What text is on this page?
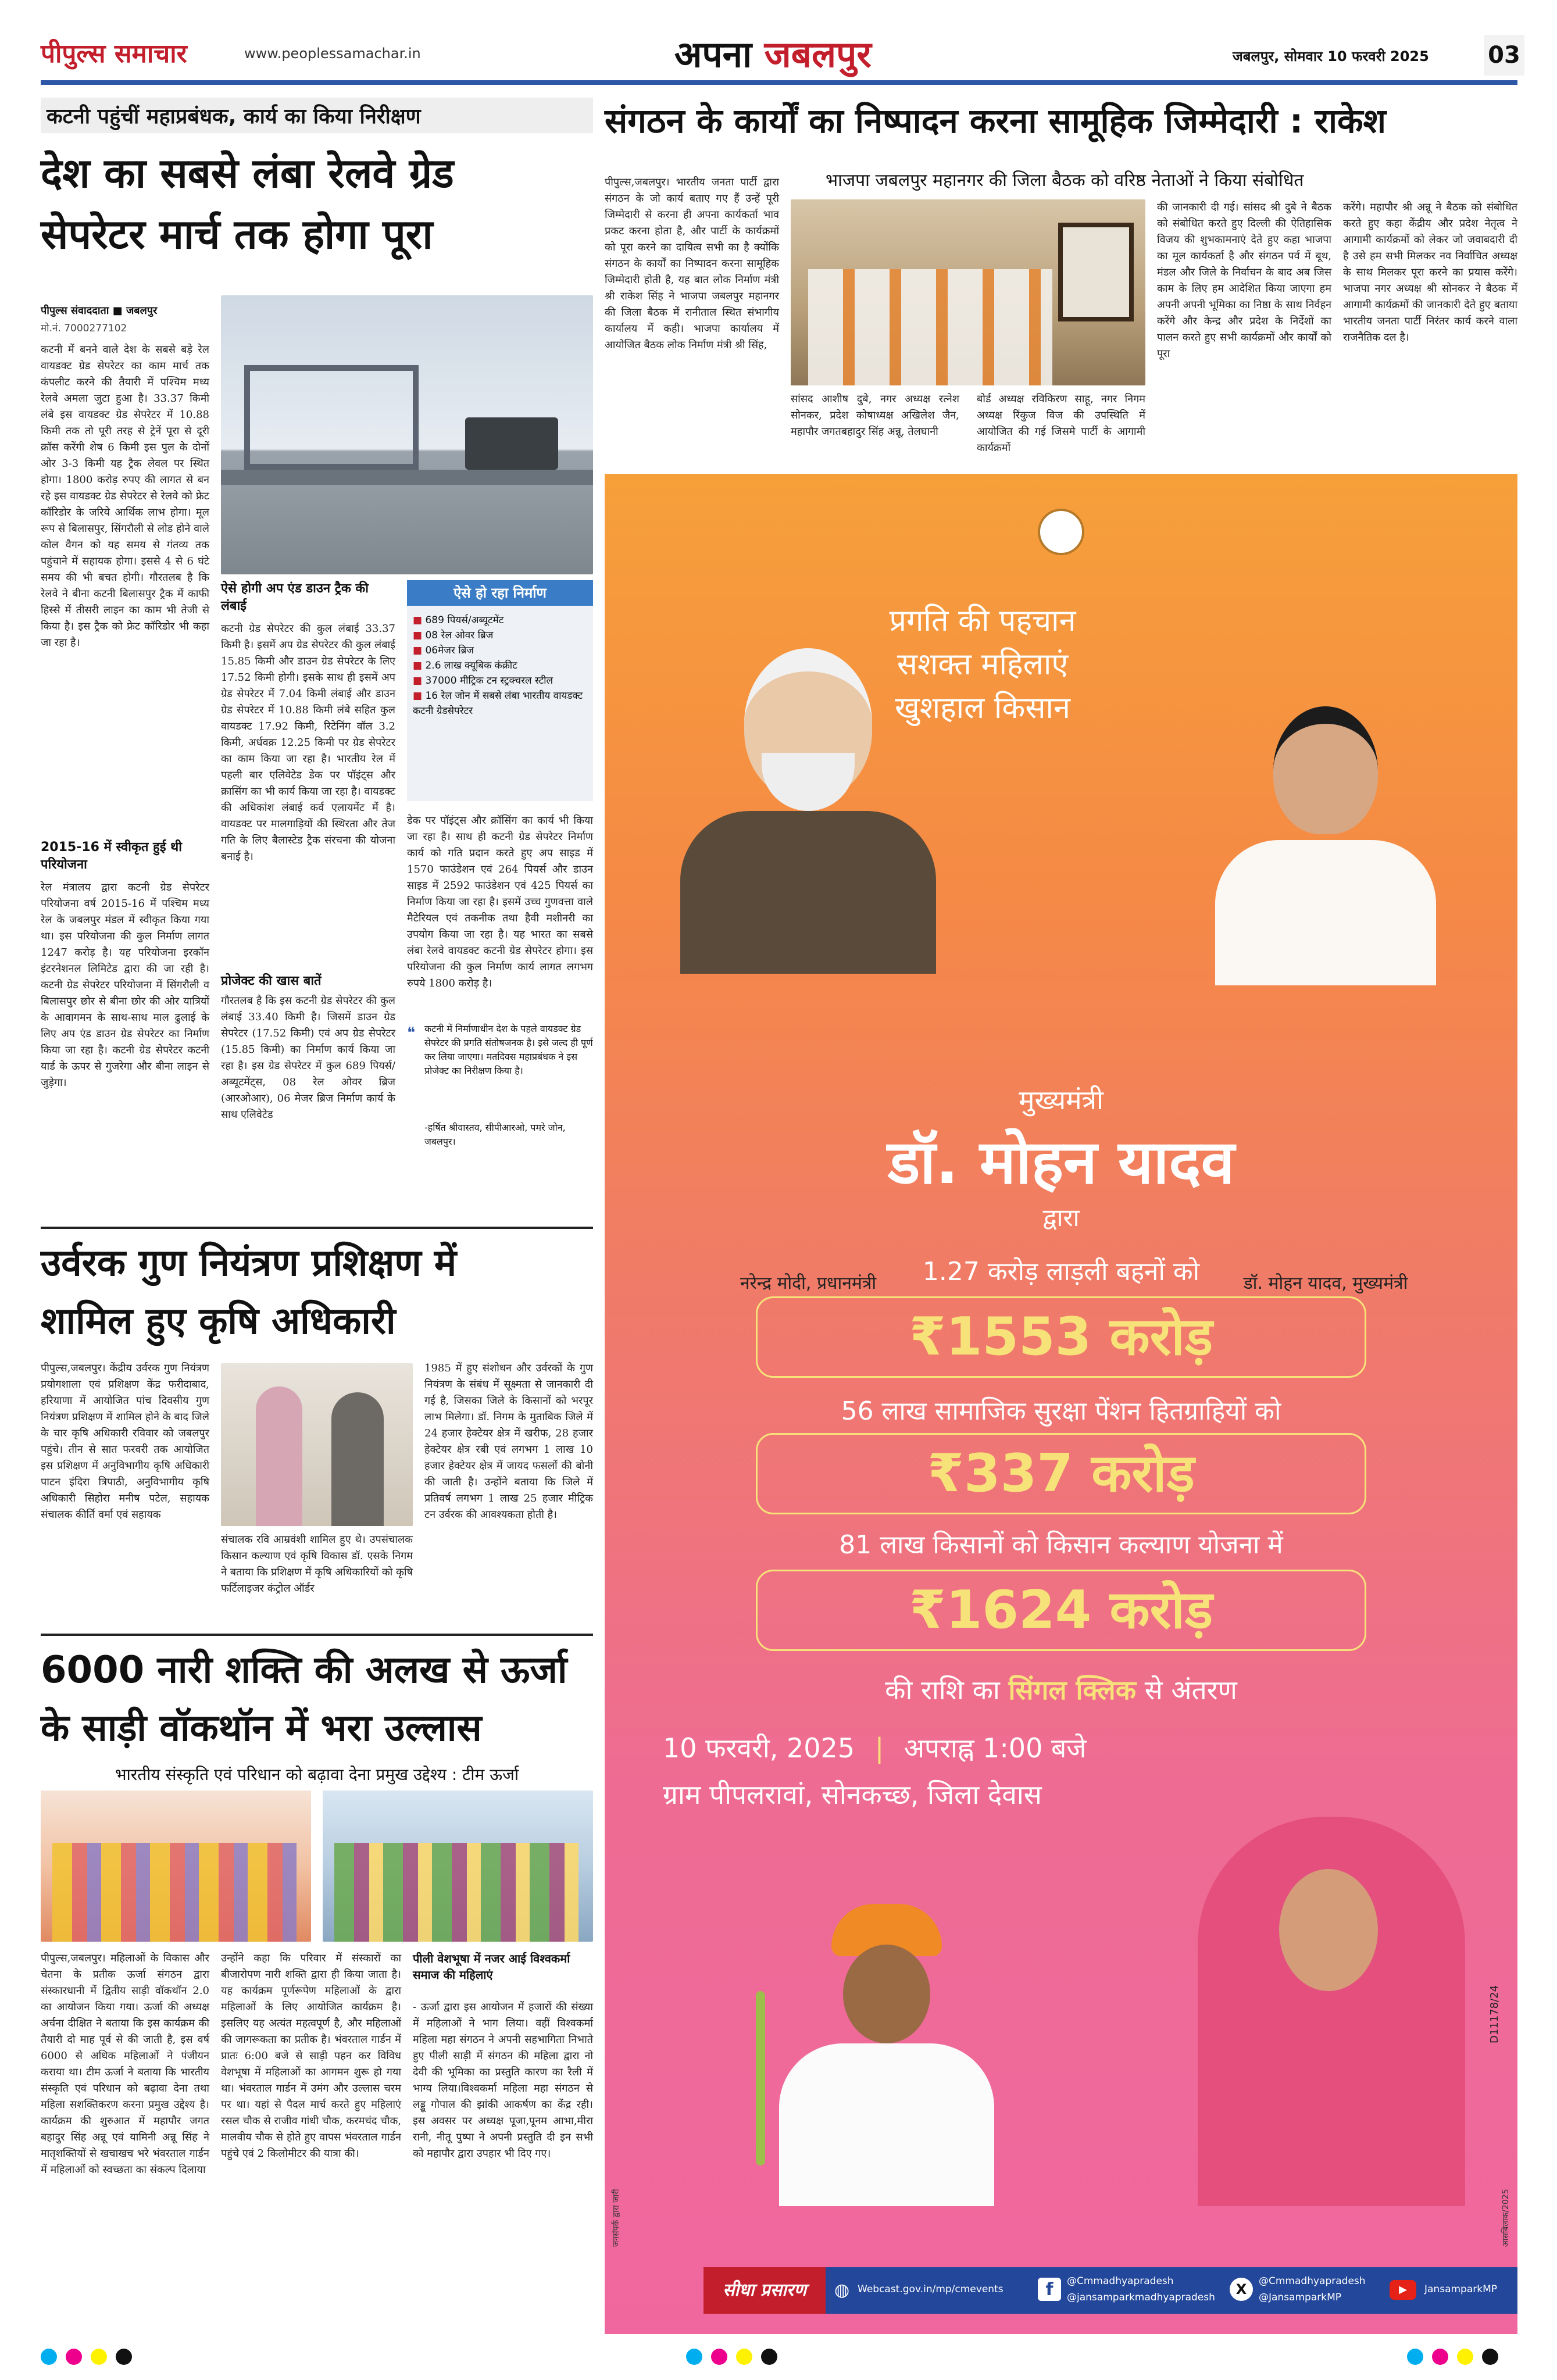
पीपुल्स समाचार	www.peoplessamachar.in	अपना जबलपुर	जबलपुर, सोमवार 10 फरवरी 2025	03
कटनी पहुंचीं महाप्रबंधक, कार्य का किया निरीक्षण
देश का सबसे लंबा रेलवे ग्रेड
सेपरेटर मार्च तक होगा पूरा
पीपुल्स संवाददाता ■ जबलपुर
मो.नं. 7000277102
कटनी में बनने वाले देश के सबसे बड़े रेल वायडक्ट ग्रेड सेपरेटर का काम मार्च तक कंपलीट करने की तैयारी में पश्चिम मध्य रेलवे अमला जुटा हुआ है। 33.37 किमी लंबे इस वायडक्ट ग्रेड सेपरेटर में 10.88 किमी तक तो पूरी तरह से ट्रेनें पूरा से दूरी क्रॉस करेंगी शेष 6 किमी इस पुल के दोनों ओर 3-3 किमी यह ट्रैक लेवल पर स्थित होगा। 1800 करोड़ रुपए की लागत से बन रहे इस वायडक्ट ग्रेड सेपरेटर से रेलवे को फ्रेट कॉरिडोर के जरिये आर्थिक लाभ होगा। मूल रूप से बिलासपुर, सिंगरौली से लोड होने वाले कोल वैगन को यह समय से गंतव्य तक पहुंचाने में सहायक होगा। इससे 4 से 6 घंटे समय की भी बचत होगी। गौरतलब है कि रेलवे ने बीना कटनी बिलासपुर ट्रैक में काफी हिस्से में तीसरी लाइन का काम भी तेजी से किया है। इस ट्रैक को फ्रेट कॉरिडोर भी कहा जा रहा है।
2015-16 में स्वीकृत हुई थी परियोजना
रेल मंत्रालय द्वारा कटनी ग्रेड सेपरेटर परियोजना वर्ष 2015-16 में पश्चिम मध्य रेल के जबलपुर मंडल में स्वीकृत किया गया था। इस परियोजना की कुल निर्माण लागत 1247 करोड़ है। यह परियोजना इरकॉन इंटरनेशनल लिमिटेड द्वारा की जा रही है। कटनी ग्रेड सेपरेटर परियोजना में सिंगरौली व बिलासपुर छोर से बीना छोर की ओर यात्रियों के आवागमन के साथ-साथ माल ढुलाई के लिए अप एंड डाउन ग्रेड सेपरेटर का निर्माण किया जा रहा है। कटनी ग्रेड सेपरेटर कटनी यार्ड के ऊपर से गुजरेगा और बीना लाइन से जुड़ेगा।
ऐसे होगी अप एंड डाउन ट्रैक की लंबाई
कटनी ग्रेड सेपरेटर की कुल लंबाई 33.37 किमी है। इसमें अप ग्रेड सेपरेटर की कुल लंबाई 15.85 किमी और डाउन ग्रेड सेपरेटर के लिए 17.52 किमी होगी। इसके साथ ही इसमें अप ग्रेड सेपरेटर में 7.04 किमी लंबाई और डाउन ग्रेड सेपरेटर में 10.88 किमी लंबे सहित कुल वायडक्ट 17.92 किमी, रिटेनिंग वॉल 3.2 किमी, अर्धवक्र 12.25 किमी पर ग्रेड सेपरेटर का काम किया जा रहा है। भारतीय रेल में पहली बार एलिवेटेड डेक पर पॉइंट्स और क्रासिंग का भी कार्य किया जा रहा है। वायडक्ट की अधिकांश लंबाई कर्व एलायमेंट में है। वायडक्ट पर मालगाड़ियों की स्थिरता और तेज गति के लिए बैलास्टेड ट्रैक संरचना की योजना बनाई है।
प्रोजेक्ट की खास बातें
गौरतलब है कि इस कटनी ग्रेड सेपरेटर की कुल लंबाई 33.40 किमी है। जिसमें डाउन ग्रेड सेपरेटर (17.52 किमी) एवं अप ग्रेड सेपरेटर (15.85 किमी) का निर्माण कार्य किया जा रहा है। इस ग्रेड सेपरेटर में कुल 689 पियर्स/अब्यूटमेंट्स, 08 रेल ओवर ब्रिज (आरओआर), 06 मेजर ब्रिज निर्माण कार्य के साथ एलिवेटेड
ऐसे हो रहा निर्माण
■ 689 पियर्स/अब्यूटमेंट
■ 08 रेल ओवर ब्रिज
■ 06मेजर ब्रिज
■ 2.6 लाख क्यूबिक कंक्रीट
■ 37000 मीट्रिक टन स्ट्रक्चरल स्टील
■ 16 रेल जोन में सबसे लंबा भारतीय वायडक्ट कटनी ग्रेडसेपरेटर
डेक पर पॉइंट्स और क्रॉसिंग का कार्य भी किया जा रहा है। साथ ही कटनी ग्रेड सेपरेटर निर्माण कार्य को गति प्रदान करते हुए अप साइड में 1570 फाउंडेशन एवं 264 पियर्स और डाउन साइड में 2592 फाउंडेशन एवं 425 पियर्स का निर्माण किया जा रहा है। इसमें उच्च गुणवत्ता वाले मैटेरियल एवं तकनीक तथा हैवी मशीनरी का उपयोग किया जा रहा है। यह भारत का सबसे लंबा रेलवे वायडक्ट कटनी ग्रेड सेपरेटर होगा। इस परियोजना की कुल निर्माण कार्य लागत लगभग रुपये 1800 करोड़ है।
❝ कटनी में निर्माणाधीन देश के पहले वायडक्ट ग्रेड सेपरेटर की प्रगति संतोषजनक है। इसे जल्द ही पूर्ण कर लिया जाएगा। मतदिवस महाप्रबंधक ने इस प्रोजेक्ट का निरीक्षण किया है।
-हर्षित श्रीवास्तव, सीपीआरओ, पमरे जोन, जबलपुर।
उर्वरक गुण नियंत्रण प्रशिक्षण में
शामिल हुए कृषि अधिकारी
पीपुल्स,जबलपुर। केंद्रीय उर्वरक गुण नियंत्रण प्रयोगशाला एवं प्रशिक्षण केंद्र फरीदाबाद, हरियाणा में आयोजित पांच दिवसीय गुण नियंत्रण प्रशिक्षण में शामिल होने के बाद जिले के चार कृषि अधिकारी रविवार को जबलपुर पहुंचे। तीन से सात फरवरी तक आयोजित इस प्रशिक्षण में अनुविभागीय कृषि अधिकारी पाटन इंदिरा त्रिपाठी, अनुविभागीय कृषि अधिकारी सिहोरा मनीष पटेल, सहायक संचालक कीर्ति वर्मा एवं सहायक
संचालक रवि आम्रवंशी शामिल हुए थे। उपसंचालक किसान कल्याण एवं कृषि विकास डॉ. एसके निगम ने बताया कि प्रशिक्षण में कृषि अधिकारियों को कृषि फर्टिलाइजर कंट्रोल ऑर्डर
1985 में हुए संशोधन और उर्वरकों के गुण नियंत्रण के संबंध में सूक्ष्मता से जानकारी दी गई है, जिसका जिले के किसानों को भरपूर लाभ मिलेगा। डॉ. निगम के मुताबिक जिले में 24 हजार हेक्टेयर क्षेत्र में खरीफ, 28 हजार हेक्टेयर क्षेत्र रबी एवं लगभग 1 लाख 10 हजार हेक्टेयर क्षेत्र में जायद फसलों की बोनी की जाती है। उन्होंने बताया कि जिले में प्रतिवर्ष लगभग 1 लाख 25 हजार मीट्रिक टन उर्वरक की आवश्यकता होती है।
6000 नारी शक्ति की अलख से ऊर्जा
के साड़ी वॉकथॉन में भरा उल्लास
भारतीय संस्कृति एवं परिधान को बढ़ावा देना प्रमुख उद्देश्य : टीम ऊर्जा
पीपुल्स,जबलपुर। महिलाओं के विकास और चेतना के प्रतीक ऊर्जा संगठन द्वारा संस्कारधानी में द्वितीय साड़ी वॉकथॉन 2.0 का आयोजन किया गया। ऊर्जा की अध्यक्ष अर्चना दीक्षित ने बताया कि इस कार्यक्रम की तैयारी दो माह पूर्व से की जाती है, इस वर्ष 6000 से अधिक महिलाओं ने पंजीयन कराया था। टीम ऊर्जा ने बताया कि भारतीय संस्कृति एवं परिधान को बढ़ावा देना तथा महिला सशक्तिकरण करना प्रमुख उद्देश्य है। कार्यक्रम की शुरुआत में महापौर जगत बहादुर सिंह अन्नू एवं यामिनी अन्नू सिंह ने मातृशक्तियों से खचाखच भरे भंवरताल गार्डन में महिलाओं को स्वच्छता का संकल्प दिलाया
उन्होंने कहा कि परिवार में संस्कारों का बीजारोपण नारी शक्ति द्वारा ही किया जाता है। यह कार्यक्रम पूर्णरूपेण महिलाओं के द्वारा महिलाओं के लिए आयोजित कार्यक्रम है। इसलिए यह अत्यंत महत्वपूर्ण है, और महिलाओं की जागरूकता का प्रतीक है। भंवरताल गार्डन में प्रातः 6:00 बजे से साड़ी पहन कर विविध वेशभूषा में महिलाओं का आगमन शुरू हो गया था। भंवरताल गार्डन में उमंग और उल्लास चरम पर था। यहां से पैदल मार्च करते हुए महिलाएं रसल चौक से राजीव गांधी चौक, करमचंद चौक, मालवीय चौक से होते हुए वापस भंवरताल गार्डन पहुंचे एवं 2 किलोमीटर की यात्रा की।
पीली वेशभूषा में नजर आई विश्वकर्मा समाज की महिलाएं
- ऊर्जा द्वारा इस आयोजन में हजारों की संख्या में महिलाओं ने भाग लिया। वहीं विश्वकर्मा महिला महा संगठन ने अपनी सहभागिता निभाते हुए पीली साड़ी में संगठन की महिला द्वारा नो देवी की भूमिका का प्रस्तुति कारण का रैली में भाग्य लिया।विश्वकर्मा महिला महा संगठन से लड्डू गोपाल की झांकी आकर्षण का केंद्र रही। इस अवसर पर अध्यक्ष पूजा,पूनम आभा,मीरा रानी, नीतू पुष्पा ने अपनी प्रस्तुति दी इन सभी को महापौर द्वारा उपहार भी दिए गए।
संगठन के कार्यों का निष्पादन करना सामूहिक जिम्मेदारी : राकेश
भाजपा जबलपुर महानगर की जिला बैठक को वरिष्ठ नेताओं ने किया संबोधित
पीपुल्स,जबलपुर। भारतीय जनता पार्टी द्वारा संगठन के जो कार्य बताए गए हैं उन्हें पूरी जिम्मेदारी से करना ही अपना कार्यकर्ता भाव प्रकट करना होता है, और पार्टी के कार्यक्रमों को पूरा करने का दायित्व सभी का है क्योंकि संगठन के कार्यों का निष्पादन करना सामूहिक जिम्मेदारी होती है, यह बात लोक निर्माण मंत्री श्री राकेश सिंह ने भाजपा जबलपुर महानगर की जिला बैठक में रानीताल स्थित संभागीय कार्यालय में कही। भाजपा कार्यालय में आयोजित बैठक लोक निर्माण मंत्री श्री सिंह,
सांसद आशीष दुबे, नगर अध्यक्ष रत्नेश सोनकर, प्रदेश कोषाध्यक्ष अखिलेश जैन, महापौर जगतबहादुर सिंह अन्नू, तेलघानी
बोर्ड अध्यक्ष रविकिरण साहू, नगर निगम अध्यक्ष रिंकुज विज की उपस्थिति में आयोजित की गई जिसमे पार्टी के आगामी कार्यक्रमों
की जानकारी दी गई। सांसद श्री दुबे ने बैठक को संबोधित करते हुए दिल्ली की ऐतिहासिक विजय की शुभकामनाएं देते हुए कहा भाजपा का मूल कार्यकर्ता है और संगठन पर्व में बूथ, मंडल और जिले के निर्वाचन के बाद अब जिस काम के लिए हम आदेशित किया जाएगा हम अपनी अपनी भूमिका का निष्ठा के साथ निर्वहन करेंगे और केन्द्र और प्रदेश के निर्देशों का पालन करते हुए सभी कार्यक्रमों और कार्यों को पूरा
करेंगे। महापौर श्री अन्नू ने बैठक को संबोधित करते हुए कहा केंद्रीय और प्रदेश नेतृत्व ने आगामी कार्यक्रमों को लेकर जो जवाबदारी दी है उसे हम सभी मिलकर नव निर्वाचित अध्यक्ष के साथ मिलकर पूरा करने का प्रयास करेंगे। भाजपा नगर अध्यक्ष श्री सोनकर ने बैठक में आगामी कार्यक्रमों की जानकारी देते हुए बताया भारतीय जनता पार्टी निरंतर कार्य करने वाला राजनैतिक दल है।
प्रगति की पहचान
सशक्त महिलाएं
खुशहाल किसान
नरेन्द्र मोदी, प्रधानमंत्री	डॉ. मोहन यादव, मुख्यमंत्री
मुख्यमंत्री
डॉ. मोहन यादव
द्वारा
1.27 करोड़ लाड़ली बहनों को
₹1553 करोड़
56 लाख सामाजिक सुरक्षा पेंशन हितग्राहियों को
₹337 करोड़
81 लाख किसानों को किसान कल्याण योजना में
₹1624 करोड़
की राशि का सिंगल क्लिक से अंतरण
10 फरवरी, 2025 | अपराह्न 1:00 बजे
ग्राम पीपलरावां, सोनकच्छ, जिला देवास
D11178/24
जनसंपर्क द्वारा जारी	आसबिलाक/2025
सीधा प्रसारण	◍ Webcast.gov.in/mp/cmevents	f	@Cmmadhyapradesh
@jansamparkmadhyapradesh	X	@Cmmadhyapradesh
@JansamparkMP
▶	JansamparkMP
